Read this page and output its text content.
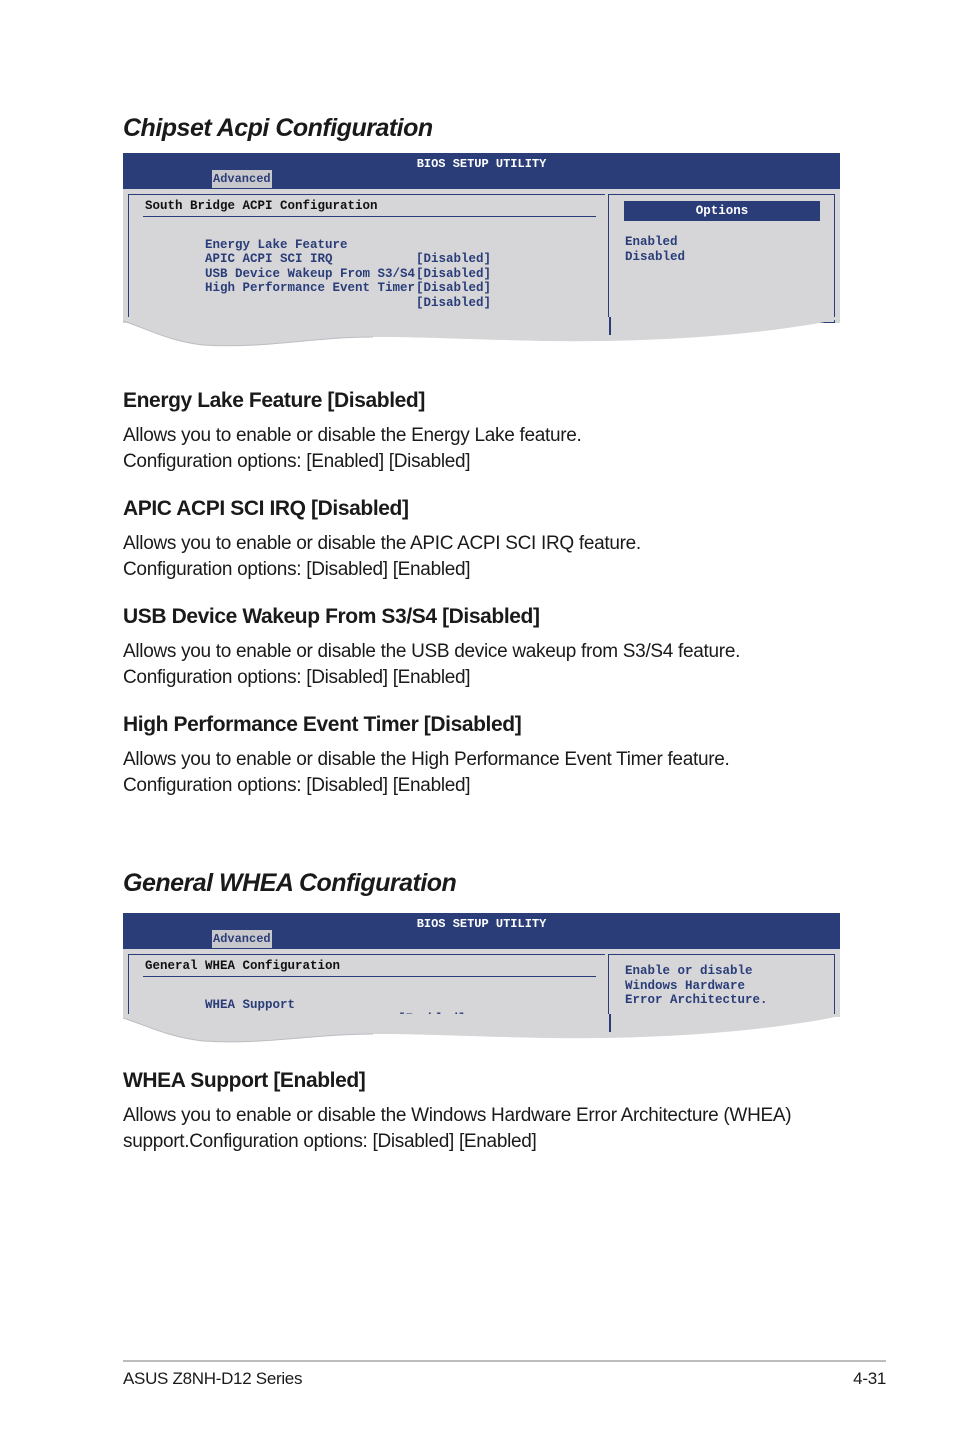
Chipset Acpi Configuration
BIOS SETUP UTILITY
Advanced
South Bridge ACPI Configuration

Energy Lake Feature

[Disabled]

APIC ACPI SCI IRQ

[Disabled]

USB Device Wakeup From S3/S4

[Disabled]

High Performance Event Timer

[Disabled]

Options
Enabled
Disabled
Energy Lake Feature [Disabled]

Allows you to enable or disable the Energy Lake feature.
Configuration options: [Enabled] [Disabled]

APIC ACPI SCI IRQ [Disabled]

Allows you to enable or disable the APIC ACPI SCI IRQ feature.
Configuration options: [Disabled] [Enabled]

USB Device Wakeup From S3/S4 [Disabled]

Allows you to enable or disable the USB device wakeup from S3/S4 feature.
Configuration options: [Disabled] [Enabled]

High Performance Event Timer [Disabled]

Allows you to enable or disable the High Performance Event Timer feature.
Configuration options: [Disabled] [Enabled]

General WHEA Configuration
BIOS SETUP UTILITY
Advanced
General WHEA Configuration

WHEA Support

Enable or disable
Windows Hardware
Error Architecture.
WHEA Support [Enabled]

Allows you to enable or disable the Windows Hardware Error Architecture (WHEA)
support.Configuration options: [Disabled] [Enabled]

ASUS Z8NH-D12 Series	4-31
